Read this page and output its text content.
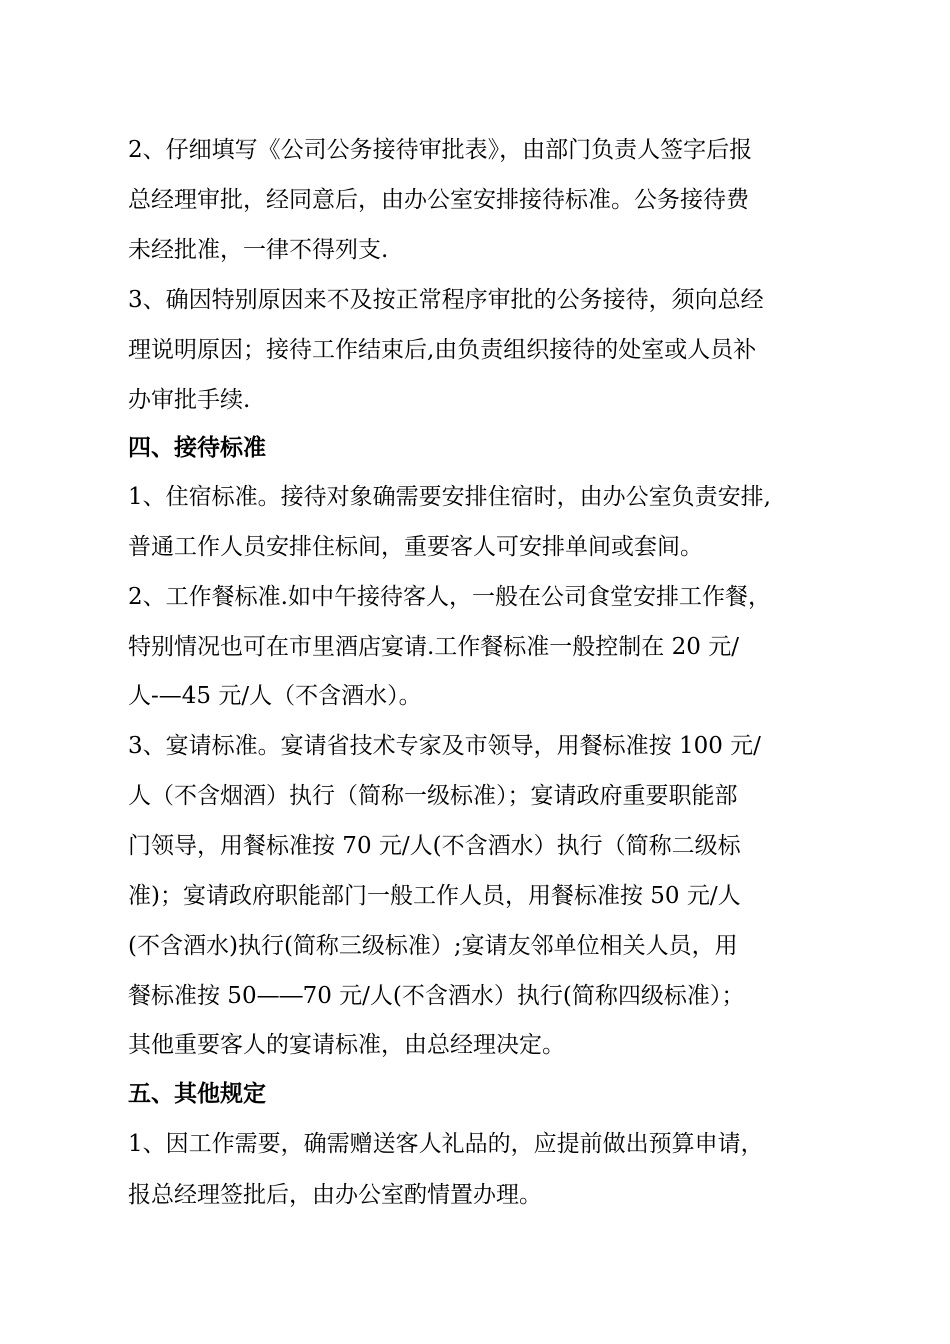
2、仔细填写《公司公务接待审批表》，由部门负责人签字后报
总经理审批，经同意后，由办公室安排接待标准。公务接待费
未经批准，一律不得列支.
3、确因特别原因来不及按正常程序审批的公务接待，须向总经
理说明原因；接待工作结束后,由负责组织接待的处室或人员补
办审批手续.
四、接待标准
1、住宿标准。接待对象确需要安排住宿时，由办公室负责安排,
普通工作人员安排住标间，重要客人可安排单间或套间。
2、工作餐标准.如中午接待客人，一般在公司食堂安排工作餐，
特别情况也可在市里酒店宴请.工作餐标准一般控制在 20 元/
人-—45 元/人（不含酒水）。
3、宴请标准。宴请省技术专家及市领导，用餐标准按 100 元/
人（不含烟酒）执行（简称一级标准）；宴请政府重要职能部
门领导，用餐标准按 70 元/人(不含酒水）执行（简称二级标
准)；宴请政府职能部门一般工作人员，用餐标准按 50 元/人
(不含酒水)执行(简称三级标准）;宴请友邻单位相关人员，用
餐标准按 50—―70 元/人(不含酒水）执行(简称四级标准）；
其他重要客人的宴请标准，由总经理决定。
五、其他规定
1、因工作需要，确需赠送客人礼品的，应提前做出预算申请，
报总经理签批后，由办公室酌情置办理。
